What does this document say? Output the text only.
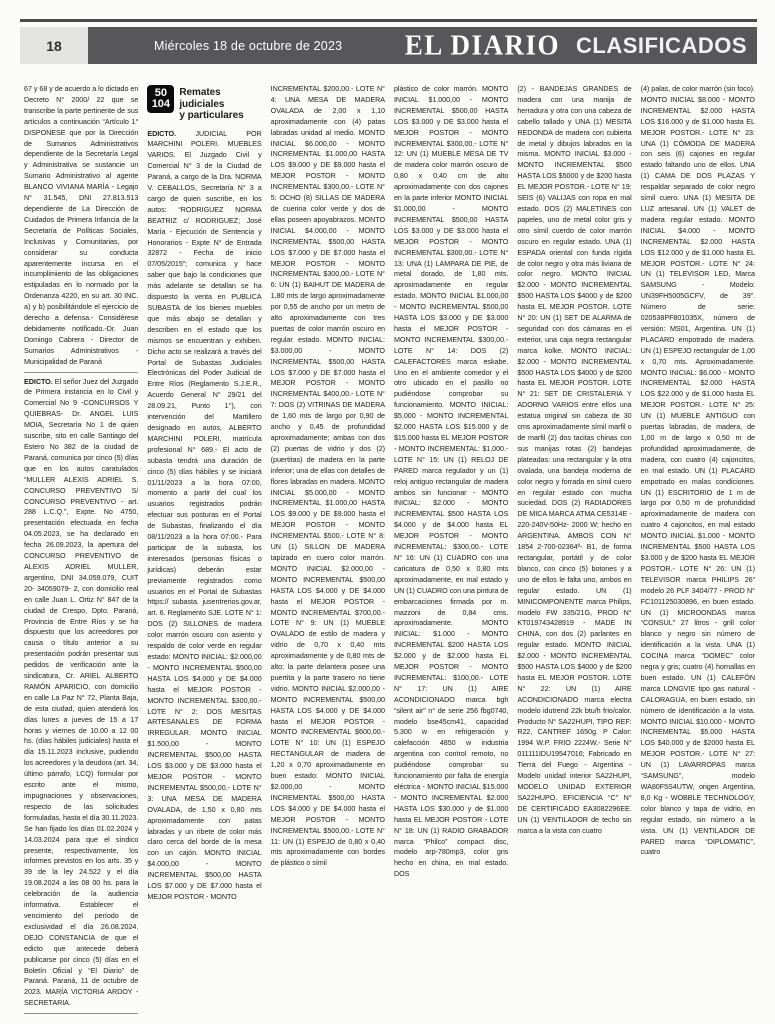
18	Miércoles 18 de octubre de 2023 EL DIARIO CLASIFICADOS

67 y 68 y de acuerdo a lo dictado en Decreto N° 2000/ 22 que se transcribe la parte pertinente de sus artículos a continuación “Artículo 1° DISPONESE que por la Dirección de Sumarios Administrativos dependiente de la Secretaría Legal y Administrativa se sustancie un Sumario Administrativo al agente BLANCO VIVIANA MARÍA - Legajo N° 31.545, DNI 27.813.513 dependiente de La Dirección de Cuidados de Primera Infancia de la Secretaría de Políticas Sociales, Inclusivas y Comunitarias, por considerar su conducta aparentemente incursa en el incumplimiento de las obligaciones estipuladas en lo normado por la Ordenanza 4220, en su art. 30 INC. a) y b) posibilitándole el ejercicio de derecho a defensa.- Considérese debidamente notificado.-Dr. Juan Domingo Cabrera - Director de Sumarios Administrativos - Municipalidad de Paraná

EDICTO. El señor Juez del Juzgado de Primera instancia en lo Civil y Comercial No 9 -CONCURSOS Y QUIEBRAS- Dr. ANGEL LUIS MOIA, Secretaría No 1 de quien suscribe, sito en calle Santiago del Estero No 382 de la ciudad de Paraná, comunica por cinco (5) días que en los autos caratulados “MULLER ALEXIS ADRIEL S. CONCURSO PREVENTIVO S/ CONCURSO PREVENTIVO - art. 288 L.C.Q.”, Expte. No 4750, presentación efectuada en fecha 04.05.2023, se ha declarado en fecha 26.09.2023, la apertura del CONCURSO PREVENTIVO de ALEXIS ADRIEL MULLER, argentino, DNI 34.059.079, CUIT 20- 34059079- 2, con domicilio real en calle Juan L. Ortiz N° 847 de la ciudad de Crespo, Dpto. Paraná, Provincia de Entre Ríos y se ha dispuesto que los acreedores por causa o título anterior a su presentación podrán presentar sus pedidos de verificación ante la sindicatura, Cr. ARIEL ALBERTO RAMÓN APARICIO, con domicilio en calle La Paz N° 72, Planta Baja, de esta ciudad, quien atenderá los días lunes a jueves de 15 a 17 horas y viernes de 10.00 a 12 00 hs. (días hábiles judiciales) hasta el día 15.11.2023 inclusive, pudiendo los acreedores y la deudora (art. 34, último párrafo, LCQ) formular por escrito ante el mismo, impugnaciones y observaciones, respecto de las solicitudes formuladas, hasta el día 30.11.2023. Se han fijado los días 01.02.2024 y 14.03.2024 para que el síndico presente, respectivamente, los informes previstos en los arts. 35 y 39 de la ley 24.522 y el día 19.08.2024 a las 08 00 hs. para la celebración de la audiencia informativa. Establecer el vencimiento del período de exclusividad el día 26.08.2024. DEJO CONSTANCIA de que el edicto que antecede deberá publicarse por cinco (5) días en el Boletín Oficial y “El Diario” de Paraná. Paraná, 11 de octubre de 2023. MARÍA VICTORIA ARDOY - SECRETARIA.

50
104
Remates judiciales
y particulares

EDICTO.	JUDICIAL POR MARCHINI POLERI. MUEBLES VARIOS. El Juzgado Civil y Comercial N° 3 de la Ciudad de Paraná, a cargo de la Dra. NORMA V. CEBALLOS, Secretaría N° 3 a cargo de quien suscribe, en los autos: “RODRIGUEZ NORMA BEATRIZ c/ RODRIGUEZ; José María - Ejecución de Sentencia y Honorarios - Expte N° de Entrada 32872 - Fecha de inicio 07/05/2015”; comunica y hace saber que bajo la condiciones que más adelante se detallan se ha dispuesto la venta en PUBLICA SUBASTA de los bienes muebles que más abajo se detallan y describen en el estado que los mismos se encuentran y exhiben. Dicho acto se realizará a través del Portal de Subastas Judiciales Electrónicas del Poder Judicial de Entre Ríos (Reglamento S.J.E.R., Acuerdo General N° 29/21 del 28.09.21, Punto 1°), con intervención del Martillero designado en autos, ALBERTO MARCHINI POLERI, matrícula profesional N° 689.- El acto de subasta tendrá una duración de cinco (5) días hábiles y se iniciará 01/11/2023 a la hora 07:00, momento a partir del cual los usuarios registrados podrán efectuar sus posturas en el Portal de Subastas, finalizando el día 08/11/2023 a la hora 07:00.- Para participar de la subasta, los interesados (personas físicas o jurídicas) deberán estar previamente registrados como usuarios en el Portal de Subastas https:// subasta. jusentrerios.gov.ar, art. 6. Reglamento SJE. LOTE N° 1: DOS (2) SILLONES de madera color marrón oscuro con asiento y respaldo de color verde en regular estado: MONTO INICIAL: $2.000,00 - MONTO INCREMENTAL $500,00 HASTA LOS $4.000 y DE $4.000 hasta el MEJOR POSTOR - MONTO INCREMENTAL $300,00.- LOTE N° 2: DOS MESITAS ARTESANALES DE FORMA IRREGULAR. MONTO INICIAL $1.500,00 - MONTO INCREMENTAL $500,00 HASTA LOS $3.000 y DE $3.000 hasta el MEJOR POSTOR - MONTO INCREMENTAL $500,00.- LOTE N° 3: UNA MESA DE MADERA OVALADA, de 1,50 x 0,80 mts aproximadamente con patas labradas y un ribete de color más claro cerca del borde de la mesa con un cajón. MONTO INICIAL $4.000,00 - MONTO INCREMENTAL $500,00 HASTA LOS $7.000 y DE $7.000 hasta el MEJOR POSTOR - MONTO

INCREMENTAL $200,00.- LOTE N° 4: UNA MESA DE MADERA OVALADA de 2,00 x 1,10 aproximadamente con (4) patas labradas unidad al medio. MONTO INICIAL $6.000,00 - MONTO INCREMENTAL $1.000,00 HASTA LOS $9.000 y DE $9.000 hasta el MEJOR POSTOR - MONTO INCREMENTAL $300,00.- LOTE N° 5: OCHO (8) SILLAS DE MADERA de cuerina color verde y dos de ellas poseen apoyabrazos. MONTO INICIAL $4.000,00 - MONTO INCREMENTAL $500,00 HASTA LOS $7.000 y DE $7.000 hasta el MEJOR POSTOR - MONTO INCREMENTAL $300,00.- LOTE N° 6: UN (1) BAIHUT DE MADERA de 1,80 mts de largo aproximadamente por 0,55 de ancho por un metro de alto aproximadamente con tres puertas de color marrón oscuro en regular estado. MONTO INICIAL: $3.000,00 - MONTO INCREMENTAL $500,00 HASTA LOS $7.000 y DE $7.000 hasta el MEJOR POSTOR - MONTO INCREMENTAL $400,00.- LOTE N° 7: DOS (2) VITRINAS DE MADERA de 1,60 mts de largo por 0,90 de ancho y 0,45 de profundidad aproximadamente; ambas con dos (2) puertas de vidrio y dos (2) (puertitas) de madera en la parte inferior; una de ellas con detalles de flores labradas en madera. MONTO INICIAL $5.000,00 - MONTO INCREMENTAL $1.000,00 HASTA LOS $9.000 y DE $9.000 hasta el MEJOR POSTOR - MONTO INCREMENTAL $500.- LOTE N° 8: UN (1) SILLON DE MADERA tapizado en cuero color marrón. MONTO INICIAL $2.000,00 - MONTO INCREMENTAL $500,00 HASTA LOS $4.000 y DE $4.000 hasta el MEJOR POSTOR - MONTO INCREMENTAL $700,00.- LOTE N° 9: UN (1) MUEBLE OVALADO de estilo de madera y vidrio de 0,70 x 0,40 mts aproximadamente y de 0,80 mts de alto; la parte delantera posee una puertita y la parte trasero no tiene vidrio. MONTO INICIAL $2.000,00 - MONTO INCREMENTAL $500,00 HASTA LOS $4.000 y DE $4.000 hasta el MEJOR POSTOR - MONTO INCREMENTAL $600,00.- LOTE N° 10: UN (1) ESPEJO RECTANGULAR de madera de 1,20 x 0,70 aproximadamente en buen estado: MONTO INICIAL $2.000,00 - MONTO INCREMENTAL $500,00 HASTA LOS $4.000 y DE $4.000 hasta el MEJOR POSTOR - MONTO INCREMENTAL $500,00.- LOTE N° 11: UN (1) ESPEJO de 0,80 x 0,40 mts aproximadamente con bordes de plástico o símil

plástico de color marrón. MONTO INICIAL $1.000,00 - MONTO INCREMENTAL $500,00 HASTA LOS $3.000 y DE $3.000 hasta el MEJOR POSTOR - MONTO INCREMENTAL $300,00.- LOTE N° 12: UN (1) MUEBLE MESA DE TV de madera color marrón oscuro de 0,80 x 0,40 cm de alto aproximadamente con dos cajones en la parte inferior MONTO INICIAL $1.000,00 - MONTO INCREMENTAL $500,00 HASTA LOS $3.000 y DE $3.000 hasta el MEJOR POSTOR - MONTO INCREMENTAL $300,00.- LOTE N° 13: UNA (1) LAMPARA DE PIE, de metal dorado, de 1,80 mts. aproximadamente en regular estado. MONTO INICIAL $1.000,00 - MONTO INCREMENTAL $500,00 HASTA LOS $3.000 y DE $3.000 hasta el MEJOR POSTOR - MONTO INCREMENTAL $300,00.- LOTE N° 14: DOS (2) CALEFACTORES marca eskabe. Uno en el ambiente comedor y el otro ubicado en el pasillo no pudiéndose comprobar su funcionamiento. MONTO INICIAL: $5.000 - MONTO INCREMENTAL $2.000 HASTA LOS $15.000 y de $15.000 hasta EL MEJOR POSTOR - MONTO INCREMENTAL: $1.000.- LOTE N° 15: UN (1) RELOJ DE PARED marca regulador y un (1) reloj antiguo rectangular de madera ambos sin funcionar - MONTO INICIAL: $2.000 - MONTO INCREMENTAL $500 HASTA LOS $4.000 y de $4.000 hasta EL MEJOR POSTOR - MONTO INCREMENTAL: $300,00.- LOTE N° 16: UN (1) CUADRO con una caricatura de 0,50 x 0,80 mts aproximadamente, en mal estado y UN (1) CUADRO con una pintura de embarcaciones firmada por m. mazzoni de 0,84 cms. aproximadamente. MONTO INICIAL: $1.000 - MONTO INCREMENTAL $200 HASTA LOS $2.000 y de $2.000 hasta EL MEJOR POSTOR - MONTO INCREMENTAL: $100,00.- LOTE N° 17: UN (1) AIRE ACONDICIONADO marca bgh “silent air” n° de serie 256 fbg0740, modelo bse45cm41, capacidad 5.300 w en refrigeración y calefacción 4850 w industria argentina con control remoto, no pudiéndose comprobar su funcionamiento por falta de energía eléctrica - MONTO INICIAL $15.000 - MONTO INCREMENTAL $2.000 HASTA LOS $30.000 y de $1.000 hasta EL MEJOR POSTOR - LOTE N° 18: UN (1) RADIO GRABADOR marca “Philco” compact disc, modelo arp-780mp3, color gris hecho en china, en mal estado. DOS

(2) - BANDEJAS GRANDES de madera con una manija de herradura y otra con una cabeza de cabello tallado y UNA (1) MESITA REDONDA de madera con cubierta de metal y dibujos labrados en la misma. MONTO INICIAL $3.000 - MONTO INCREMENTAL $500 HASTA LOS $5000 y de $200 hasta EL MEJOR POSTOR.- LOTE N° 19: SEIS (6) VALIJAS con ropa en mal estado. DOS (2) MALETINES con papeles, uno de metal color gris y otro símil cuerdo de color marrón oscuro en regular estado. UNA (1) ESPADA oriental con funda rígida de color negro y otra más liviana de color negro. MONTO INICIAL $2.000 - MONTO INCREMENTAL $500 HASTA LOS $4000 y de $200 hasta EL MEJOR POSTOR. LOTE N° 20: UN (1) SET DE ALARMA de seguridad con dos cámaras en el exterior, una caja negra rectangular marca kolke. MONTO INICIAL: $2.000 - MONTO INCREMENTAL $500 HASTA LOS $4000 y de $200 hasta EL MEJOR POSTOR. LOTE N° 21: SET DE CRISTALERIA Y ADORNO VARIOS entre ellos una estatua original sin cabeza de 30 cms aproximadamente símil marfil o de marfil (2) dos tacitas chinas con sus manijas rotas (2) bandejas plateadas: una rectangular y la otra ovalada, una bandeja moderna de color negro y forrada en símil cuero en regular estado con mucha suciedad. DOS (2) RADIADORES DE MICA MARCA ATMA CE5314E - 220-240V-50Hz- 2000 W; hecho en ARGENTINA. AMBOS CON N° 1854 2-700-02364ª- B1, de forma rectangular, portátil y de color blanco, con cinco (5) botones y a uno de ellos le falta uno, ambos en regular estado. UN (1) MINICOMPONENTE marca Philips, modelo FW 335/21G, PROD N° KT019743428919 - MADE IN CHINA, con dos (2) parlantes en regular estado. MONTO INICIAL $2.000 - MONTO INCREMENTAL $500 HASTA LOS $4000 y de $200 hasta EL MEJOR POSTOR. LOTE N° 22: UN (1) AIRE ACONDICIONADO marca electra modelo idutrend 22k btu/h frio/calor. Producto N° SA22HUPI, TIPO REF: R22, CANTREF 1650g. P Calor: 1994 W.P. FRIO 2224W.- Serie N° 011111IDU19547016; Fabricado en Tierra del Fuego - Argentina - Modelo unidad interior SA22HUPI, MODELO UNIDAD EXTERIOR SA22HUPO. EFICIENCIA “C” N° DE CERTIFICADO EA3082296EE. UN (1) VENTILADOR de techo sin marca a la vista con cuatro

(4) palas, de color marrón (sin foco). MONTO INICIAL $8.000 - MONTO INCREMENTAL $2.000 HASTA LOS $16.000 y de $1.000 hasta EL MEJOR POSTOR.- LOTE N° 23: UNA (1) CÓMODA DE MADERA con seis (6) cajones en regular estado faltando uno de ellos. UNA (1) CAMA DE DOS PLAZAS Y respaldar separado de color negro símil cuero. UNA (1) MESITA DE LUZ artesanal. UN (1) VALET de madera regular estado. MONTO INICIAL $4.000 - MONTO INCREMENTAL $2.000 HASTA LOS $12.000 y de $1.000 hasta EL MEJOR POSTOR.- LOTE N° 24: UN (1) TELEVISOR LED, Marca SAMSUNG - Modelo: UN39FH5005GCFV, de 39”. Número de serie: 020538PF801035X, número de versión: MS01, Argentina. UN (1) PLACARD empotrado de madera. UN (1) ESPEJO rectangular de 1,00 x 0,70 mts. Aproximadamente. MONTO INICIAL: $6.000 - MONTO INCREMENTAL $2.000 HASTA LOS $22.000 y de $1.000 hasta EL MEJOR POSTOR.- LOTE N° 25: UN (1) MUEBLE ANTIGUO con puertas labradas, de madera, de 1,00 m de largo x 0,50 m de profundidad aproximadamente, de madera, con cuatro (4) cajoncitos, en mal estado. UN (1) PLACARD empotrado en malas condiciones. UN (1) ESCRITORIO de 1 m de largo por 0,50 m de profundidad aproximadamente de madera con cuatro 4 cajoncitos, en mal estado MONTO INICIAL $1.000 - MONTO INCREMENTAL $500 HASTA LOS $3.000 y de $200 hasta EL MEJOR POSTOR.- LOTE N° 26: UN (1) TELEVISOR marca PHILIPS 26” modelo 26 PLF 3404/77 - PROD N° FC101125030896, en buen estado. UN (1) MICROONDAS marca “CONSUL” 27 litros - grill color blanco y negro sin número de identificación a la vista. UNA (1) COCINA marca “DOMEC” color negra y gris; cuatro (4) hornallas en buen estado. UN (1) CALEFÓN marca LONGVIE tipo gas natural - CALORAGUA, en buen estado, sin número de identificación a la vista. MONTO INICIAL $10.000 - MONTO INCREMENTAL $5.000 HASTA LOS $40.000 y de $2000 hasta EL MEJOR POSTOR.- LOTE N° 27: UN (1) LAVARROPAS marca “SAMSUNG”, modelo WA80F5S4UTW, origen Argentina, 8,0 Kg - WOBBLE TECHNOLOGY, color blanco y tapa de vidrio, en regular estado, sin número a la vista. UN (1) VENTILADOR DE PARED marca “DIPLOMATIC”, cuatro
